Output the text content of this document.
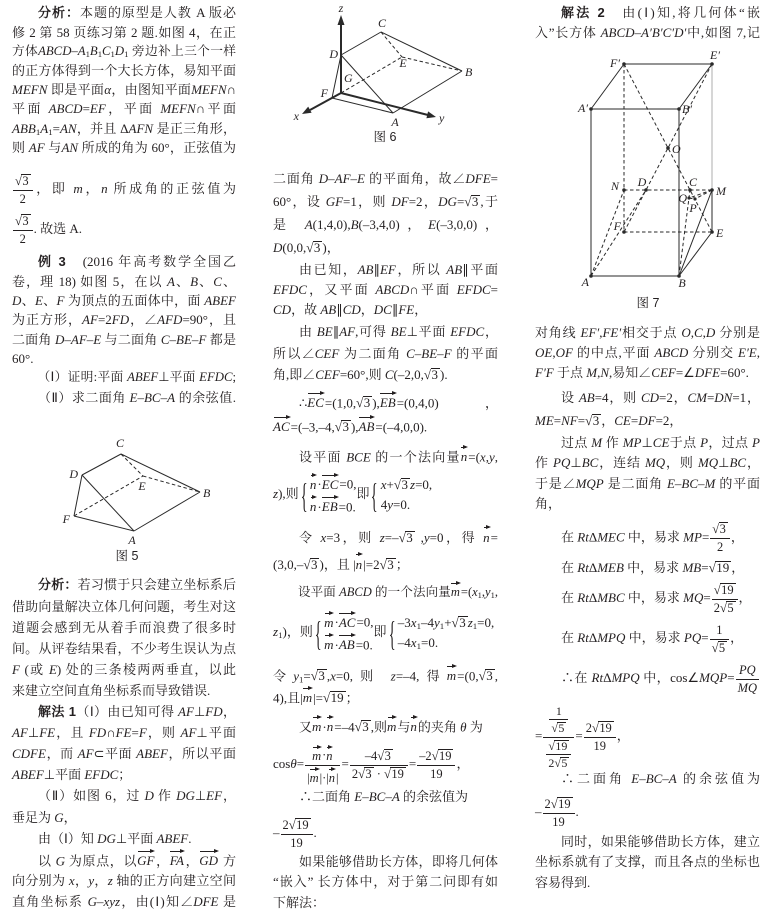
分析：本题的原型是人教 A 版必
修 2 第 58 页练习第 2 题.如图 4，在正
方体ABCD–A1B1C1D1 旁边补上三个一样
的正方体得到一个大长方体，易知平面
MEFN 即是平面α，由图知平面MEFN∩
平面 ABCD=EF，平面 MEFN∩平面
ABB1A1=AN，并且 ΔAFN 是正三角形，
则 AF 与AN 所成的角为 60°，正弦值为
√ $\frac{3}{2}$ ，即 m，n 所成角的正弦值为
√ $\frac{3}{2}$ . 故选 A.
例 3　(2016 年高考数学全国乙
卷，理 18) 如图 5，在以 A、B、C、
D、E、F 为顶点的五面体中，面 ABEF
为正方形，AF=2FD，∠AFD=90°，且
二面角 D–AF–E 与二面角 C–BE–F 都是
60°.
（Ⅰ）证明:平面 ABEF⊥平面 EFDC;
（Ⅱ）求二面角 E–BC–A 的余弦值.
分析：若习惯于只会建立坐标系后
借助向量解决立体几何问题，考生对这
道题会感到无从着手而浪费了很多时
间。从评卷结果看，不少考生误认为点
F (或 E) 处的三条棱两两垂直，以此
来建立空间直角坐标系而导致错误.
解法 1（Ⅰ）由已知可得 AF⊥FD，
AF⊥FE，且 FD∩FE=F，则 AF⊥平面
CDFE，而 AF⊂平面 ABEF，所以平面
ABEF⊥平面 EFDC；
（Ⅱ）如图 6，过 D 作 DG⊥EF，
垂足为 G，
由（Ⅰ）知 DG⊥平面 ABEF.
以 G 为原点，以GF，FA，GD 方
向分别为 x，y，z 轴的正方向建立空间
直角坐标系 G–xyz，由(Ⅰ)知∠DFE 是
C
D
E	B
F
A
图 5
二面角 D–AF–E 的平面角，故∠DFE=
60°，设 GF=1，则 DF=2，DG= √ 3 ,于
是 A(1,4,0),B(–3,4,0)，E(–3,0,0)，
D(0,0, √ 3 )，
由已知，AB∥EF，所以 AB∥平面
EFDC，又平面 ABCD∩平面 EFDC=
CD，故 AB∥CD，DC∥FE，
由 BE∥AF,可得 BE⊥平面 EFDC，
所以∠CEF 为二面角 C–BE–F 的平面
角,即∠CEF=60°,则 C(–2,0, √ 3 ).
∴EC=(1,0, √ 3 ),EB=(0,4,0)，
AC=(–3,–4, √ 3 ),AB=(–4,0,0).
设平面 BCE 的一个法向量n=(x,y,
z),则
{
n·EC=0,
n·EB=0.
即
{
x+ √ 3 z=0,
4y=0.
令 x=3，则 z=– √ 3 ,y=0，得 n=
(3,0,– √ 3 )，且 |n|=2 √ 3 ；
设平面 ABCD 的一个法向量m=(x1,y1,
z1)，则
{
m·AC=0,
m·AB=0.
即
{
–3x1–4y1+ √ 3 z1=0,
–4x1=0.
令y1= √ 3 ,x=0,则 z=–4,得m=(0, √ 3 ,
4),且|m|= √ 19 ；
又m·n=–4 √ 3 ,则m与n的夹角 θ 为
$\cos\theta= \frac{m\cdot n}{|m|\cdot|n|} = \frac{-4 √ 3}{2 √ 3 \cdot √ 19} = \frac{-2 √ 19}{19}$ ，
∴二面角 E–BC–A 的余弦值为
– $\frac{2 √ 19}{19}$ .
如果能够借助长方体，即将几何体
“嵌入” 长方体中，对于第二问即有如
下解法：
z
C
D
E
B
G
F
x	A	y
图 6
解法 2　由(Ⅰ)知,将几何体“嵌
入”长方体 ABCD–A′B′C′D′中,如图 7,记
对角线 EF′,FE′相交于点 O,C,D 分别是
OE,OF 的中点,平面 ABCD 分别交 E′E,
F′F 于点 M,N,易知∠CEF=∠DFE=60°.
设 AB=4，则 CD=2，CM=DN=1，
ME=NF= √ 3 ，CE=DF=2，
过点 M 作 MP⊥CE于点 P，过点 P
作 PQ⊥BC，连结 MQ，则 MQ⊥BC，
于是∠MQP 是二面角 E–BC–M 的平面
角，
在 RtΔMEC 中，易求 MP= √ $\frac{3}{2}$ ，
在 RtΔMEB 中，易求 MB= √ 19 ，
在 RtΔMBC 中，易求 MQ= √ $\frac{19}{2 √ 5}$ ，
在 RtΔMPQ 中，易求 PQ= 1
√ 5 ，
∴在 RtΔMPQ 中，cos∠MQP= $\frac{PQ}{MQ}$
= 1
√ 5
√ $\frac{19}{2 √ 5} = \frac{2 √ 19}{19}$ ，
∴二面角 E–BC–A 的余弦值为
– $\frac{2 √ 19}{19}$ .
同时，如果能够借助长方体，建立
坐标系就有了支撑，而且各点的坐标也
容易得到.
F′
E′
A′	B′
O
N D	C
M
Q
P
F	E
A	B
图 7
